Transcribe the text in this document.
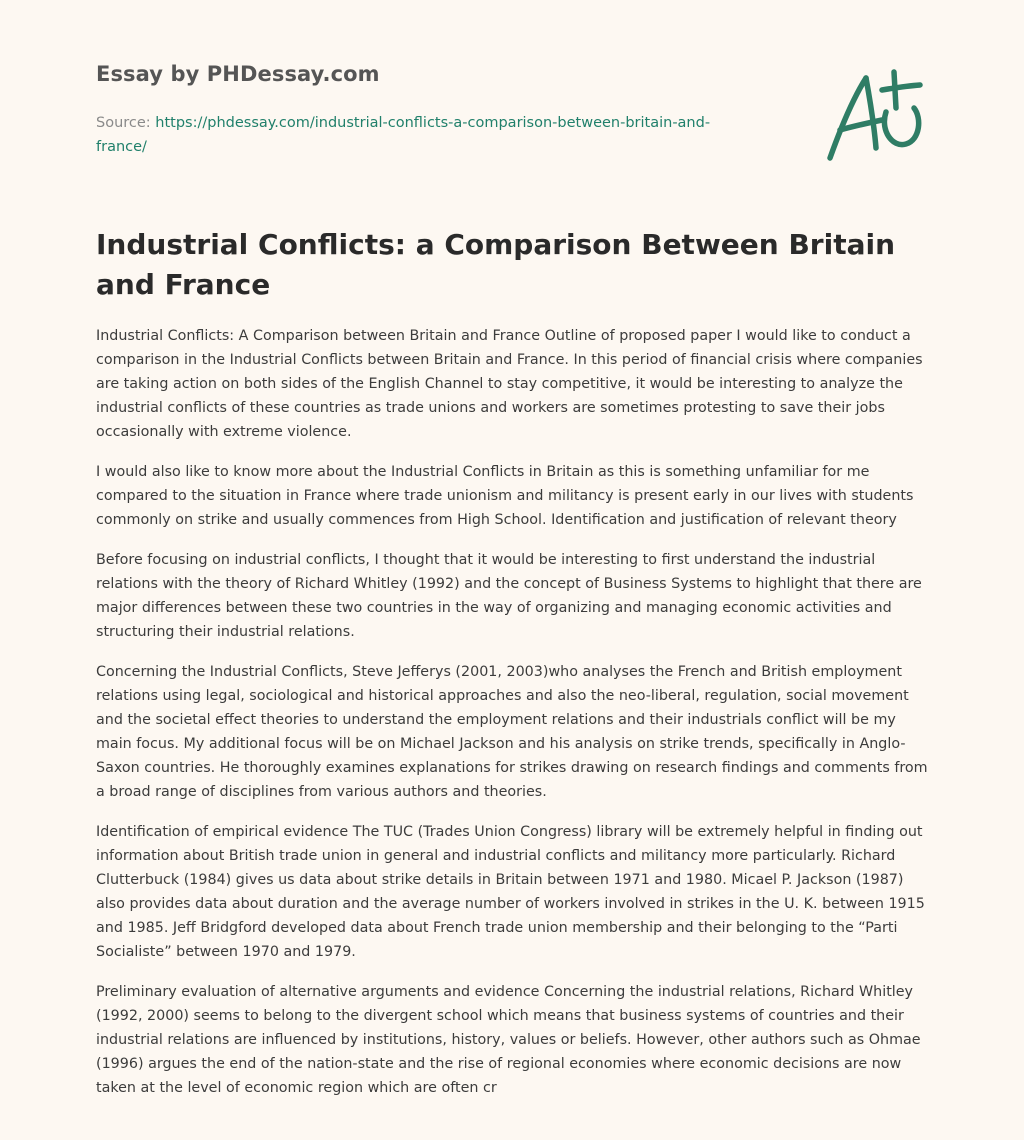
Essay by PHDessay.com
Source: https://phdessay.com/industrial-conflicts-a-comparison-between-britain-and-france/
Industrial Conflicts: a Comparison Between Britain and France

Industrial Conflicts: A Comparison between Britain and France Outline of proposed paper I would like to conduct a comparison in the Industrial Conflicts between Britain and France. In this period of financial crisis where companies are taking action on both sides of the English Channel to stay competitive, it would be interesting to analyze the industrial conflicts of these countries as trade unions and workers are sometimes protesting to save their jobs occasionally with extreme violence.

I would also like to know more about the Industrial Conflicts in Britain as this is something unfamiliar for me compared to the situation in France where trade unionism and militancy is present early in our lives with students commonly on strike and usually commences from High School. Identification and justification of relevant theory

Before focusing on industrial conflicts, I thought that it would be interesting to first understand the industrial relations with the theory of Richard Whitley (1992) and the concept of Business Systems to highlight that there are major differences between these two countries in the way of organizing and managing economic activities and structuring their industrial relations.

Concerning the Industrial Conflicts, Steve Jefferys (2001, 2003)who analyses the French and British employment relations using legal, sociological and historical approaches and also the neo-liberal, regulation, social movement and the societal effect theories to understand the employment relations and their industrials conflict will be my main focus. My additional focus will be on Michael Jackson and his analysis on strike trends, specifically in Anglo-Saxon countries. He thoroughly examines explanations for strikes drawing on research findings and comments from a broad range of disciplines from various authors and theories.

Identification of empirical evidence The TUC (Trades Union Congress) library will be extremely helpful in finding out information about British trade union in general and industrial conflicts and militancy more particularly. Richard Clutterbuck (1984) gives us data about strike details in Britain between 1971 and 1980. Micael P. Jackson (1987) also provides data about duration and the average number of workers involved in strikes in the U. K. between 1915 and 1985. Jeff Bridgford developed data about French trade union membership and their belonging to the “Parti Socialiste” between 1970 and 1979.

Preliminary evaluation of alternative arguments and evidence Concerning the industrial relations, Richard Whitley (1992, 2000) seems to belong to the divergent school which means that business systems of countries and their industrial relations are influenced by institutions, history, values or beliefs. However, other authors such as Ohmae (1996) argues the end of the nation-state and the rise of regional economies where economic decisions are now taken at the level of economic region which are often cr
